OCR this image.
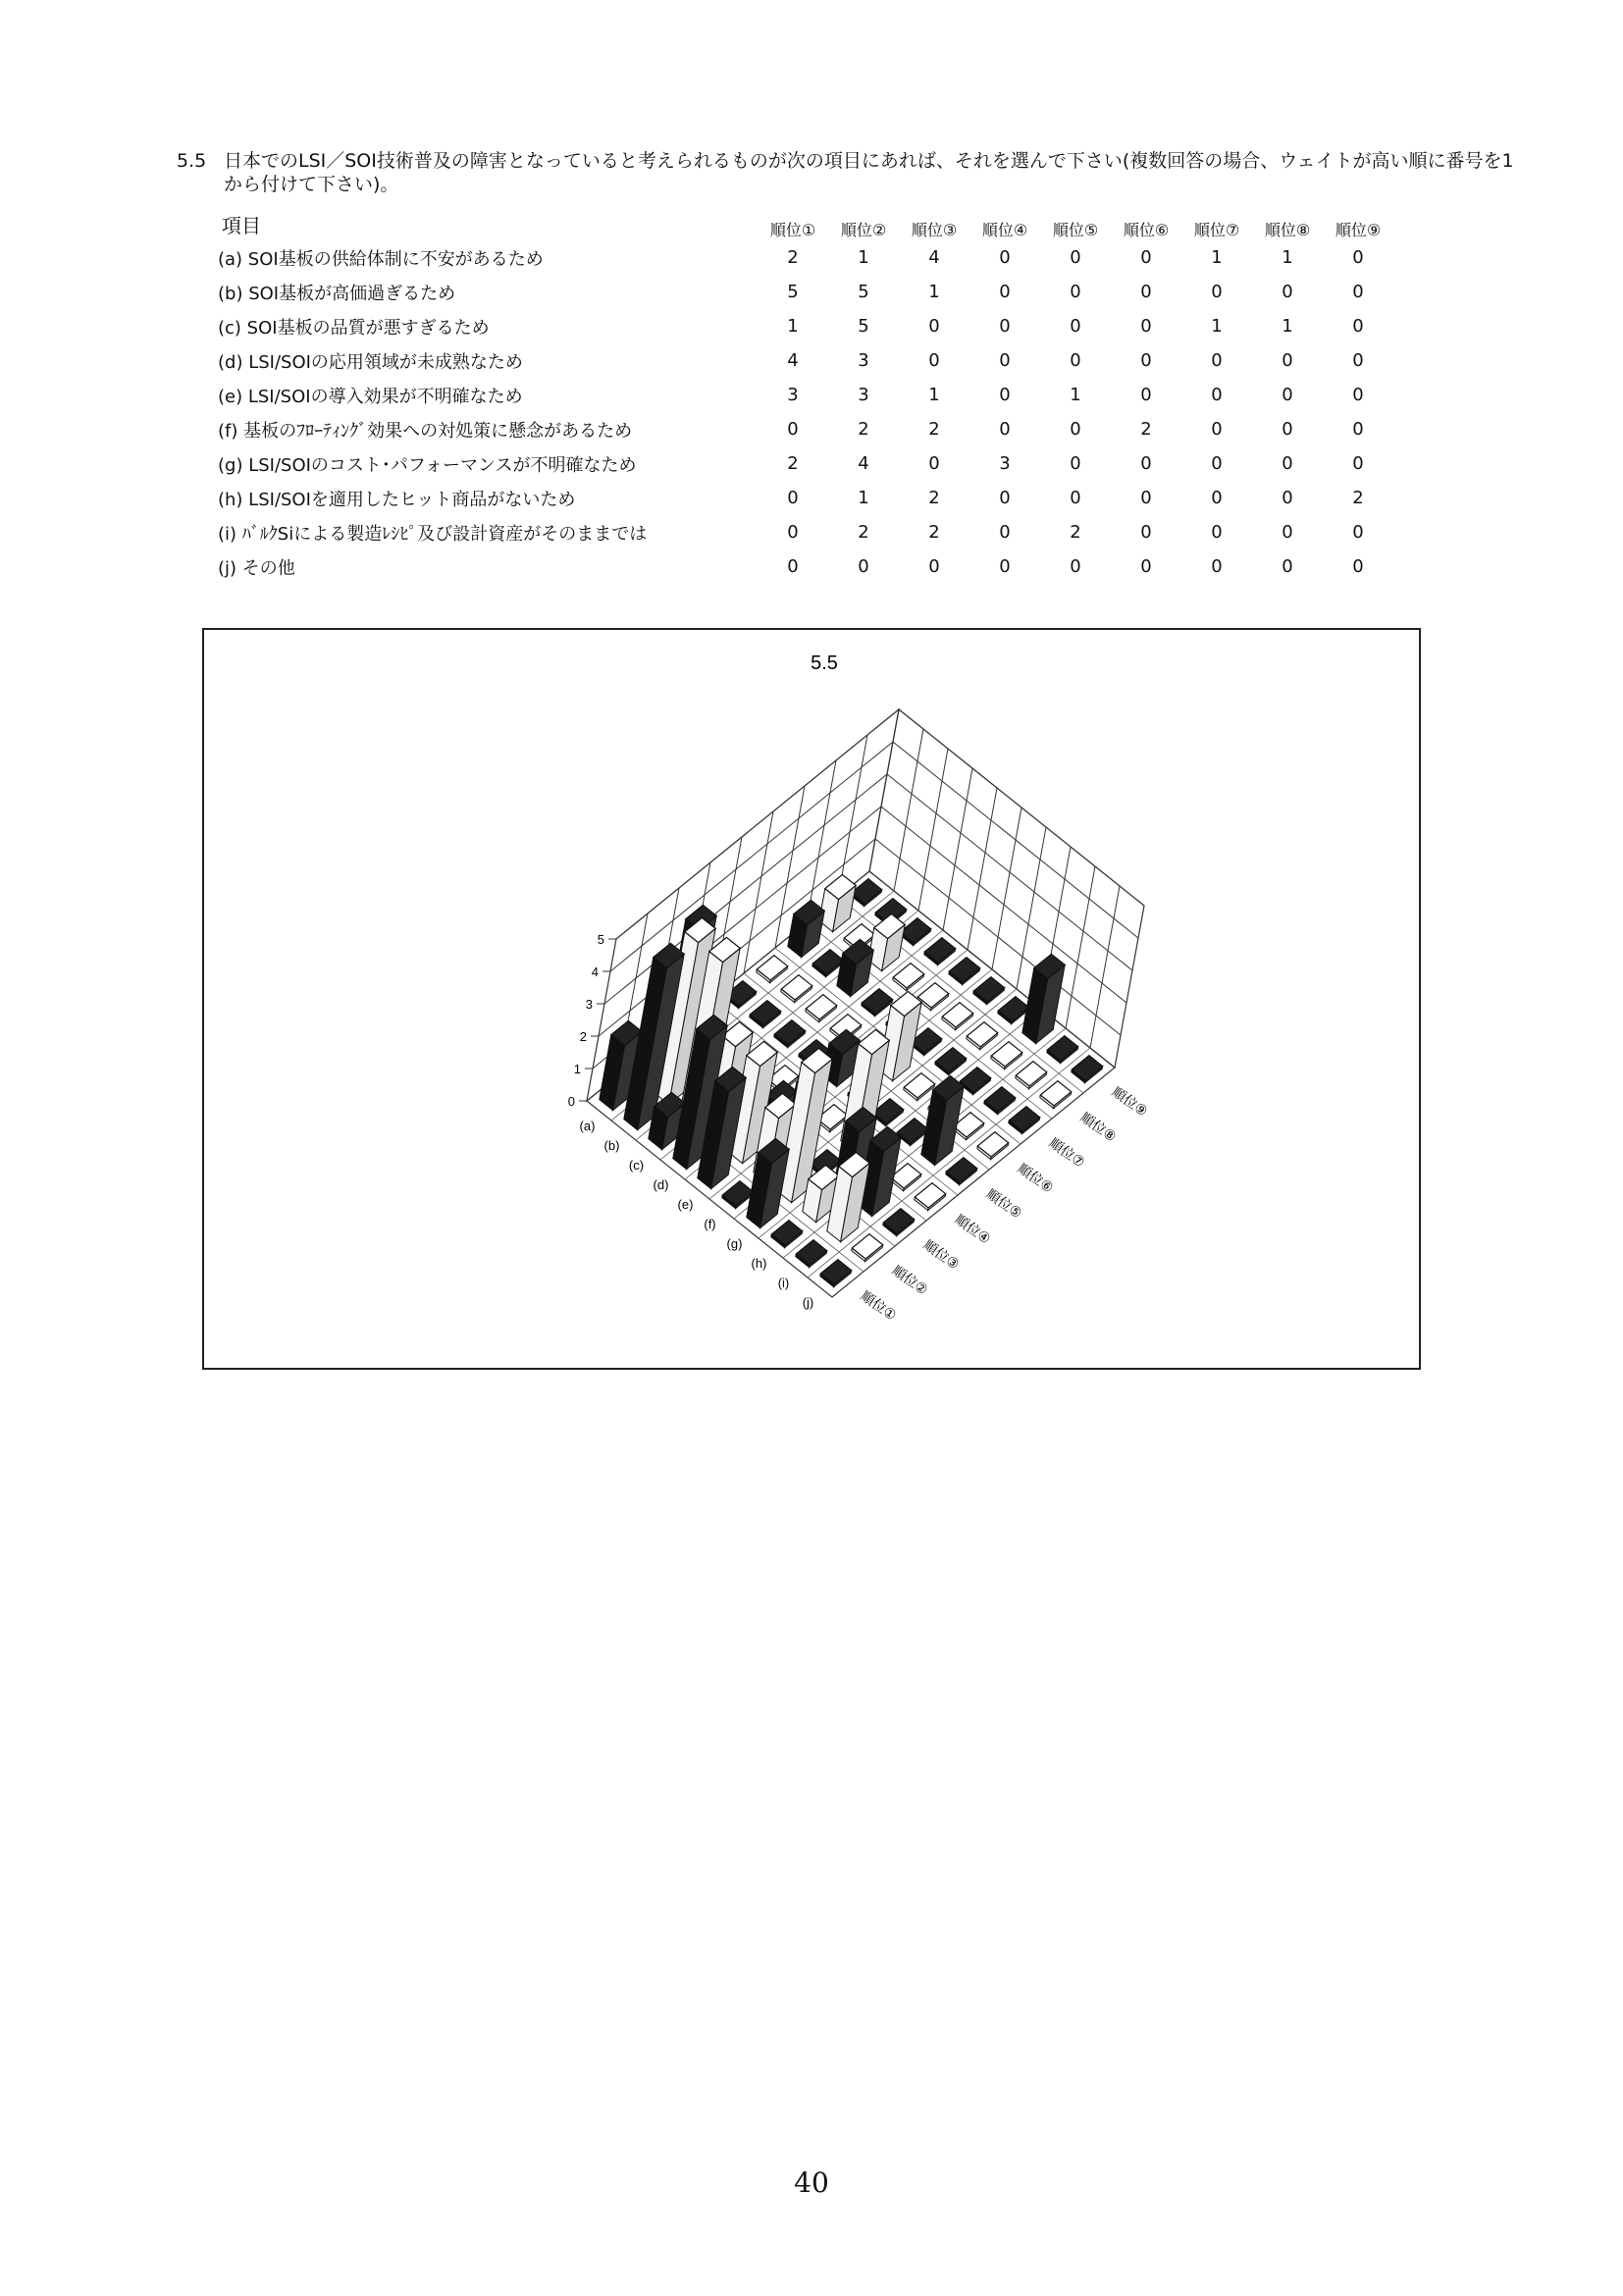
5.5 日本でのLSI／SOI技術普及の障害となっていると考えられるものが次の項目にあれば、それを選んで下さい(複数回答の場合、ウェイトが高い順に番号を1から付けて下さい)。
	順位①	順位②	順位③	順位④	順位⑤	順位⑥	順位⑦	順位⑧	順位⑨
(a) SOI基板の供給体制に不安があるため	2	1	4	0	0	0	1	1	0
(b) SOI基板が高価過ぎるため	5	5	1	0	0	0	0	0	0
(c) SOI基板の品質が悪すぎるため	1	5	0	0	0	0	1	1	0
(d) LSI/SOIの応用領域が未成熟なため	4	3	0	0	0	0	0	0	0
(e) LSI/SOIの導入効果が不明確なため	3	3	1	0	1	0	0	0	0
(f) 基板のﾌﾛｰﾃｨﾝｸﾞ効果への対処策に懸念があるため	0	2	2	0	0	2	0	0	0
(g) LSI/SOIのコスト･パフォーマンスが不明確なため	2	4	0	3	0	0	0	0	0
(h) LSI/SOIを適用したヒット商品がないため	0	1	2	0	0	0	0	0	2
(i) ﾊﾞﾙｸSiによる製造ﾚｼﾋﾟ及び設計資産がそのままでは	0	2	2	0	2	0	0	0	0
(j) その他	0	0	0	0	0	0	0	0	0
項目
5.5
0
1
2
3
4
5
(a)
(b)
(c)
(d)
(e)
(f)
(g)
(h)
(i)
(j)	順位①
順位②
順位③
順位④
順位⑤
順位⑥
順位⑦
順位⑧
順位⑨
40
